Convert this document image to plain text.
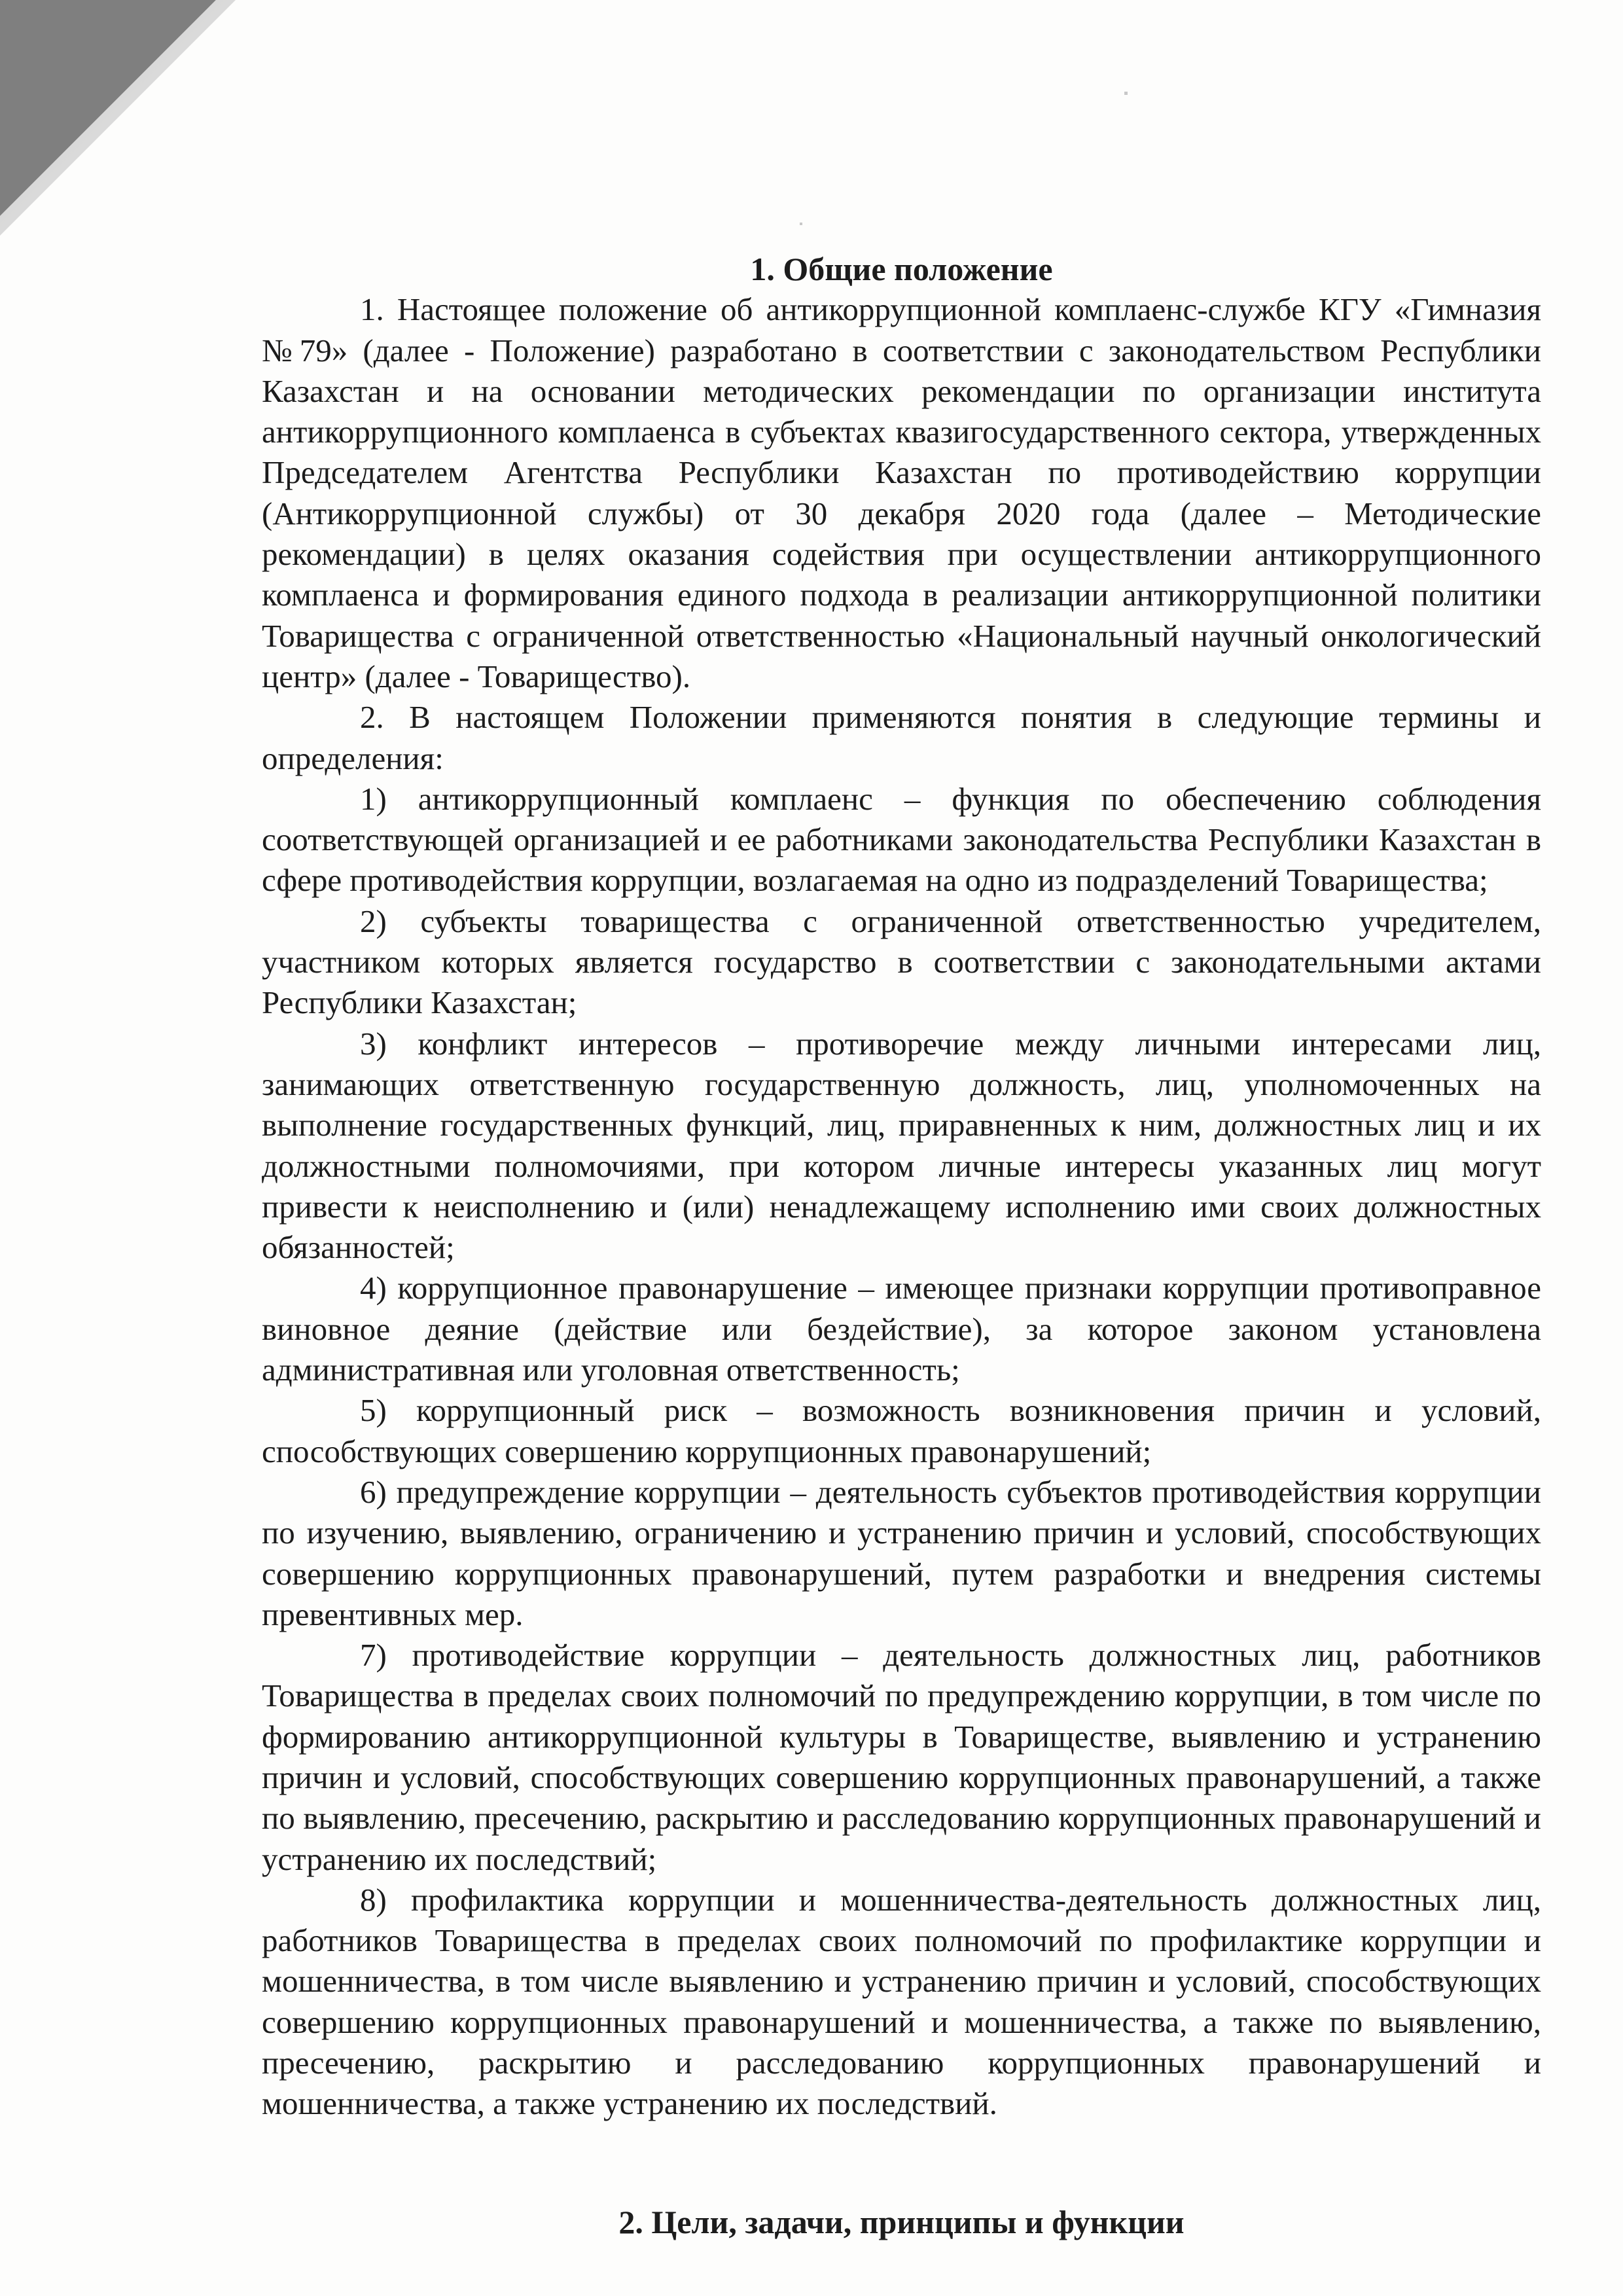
1. Общие положение

1. Настоящее положение об антикоррупционной комплаенс-службе КГУ «Гимназия №79» (далее - Положение) разработано в соответствии с законодательством Республики Казахстан и на основании методических рекомендации по организации института антикоррупционного комплаенса в субъектах квазигосударственного сектора, утвержденных Председателем Агентства Республики Казахстан по противодействию коррупции (Антикоррупционной службы) от 30 декабря 2020 года (далее – Методические рекомендации) в целях оказания содействия при осуществлении антикоррупционного комплаенса и формирования единого подхода в реализации антикоррупционной политики Товарищества с ограниченной ответственностью «Национальный научный онкологический центр» (далее - Товарищество).

2. В настоящем Положении применяются понятия в следующие термины и определения:

1) антикоррупционный комплаенс – функция по обеспечению соблюдения соответствующей организацией и ее работниками законодательства Республики Казахстан в сфере противодействия коррупции, возлагаемая на одно из подразделений Товарищества;

2) субъекты товарищества с ограниченной ответственностью учредителем, участником которых является государство в соответствии с законодательными актами Республики Казахстан;

3) конфликт интересов – противоречие между личными интересами лиц, занимающих ответственную государственную должность, лиц, уполномоченных на выполнение государственных функций, лиц, приравненных к ним, должностных лиц и их должностными полномочиями, при котором личные интересы указанных лиц могут привести к неисполнению и (или) ненадлежащему исполнению ими своих должностных обязанностей;

4) коррупционное правонарушение – имеющее признаки коррупции противоправное виновное деяние (действие или бездействие), за которое законом установлена административная или уголовная ответственность;

5) коррупционный риск – возможность возникновения причин и условий, способствующих совершению коррупционных правонарушений;

6) предупреждение коррупции – деятельность субъектов противодействия коррупции по изучению, выявлению, ограничению и устранению причин и условий, способствующих совершению коррупционных правонарушений, путем разработки и внедрения системы превентивных мер.

7) противодействие коррупции – деятельность должностных лиц, работников Товарищества в пределах своих полномочий по предупреждению коррупции, в том числе по формированию антикоррупционной культуры в Товариществе, выявлению и устранению причин и условий, способствующих совершению коррупционных правонарушений, а также по выявлению, пресечению, раскрытию и расследованию коррупционных правонарушений и устранению их последствий;

8) профилактика коррупции и мошенничества-деятельность должностных лиц, работников Товарищества в пределах своих полномочий по профилактике коррупции и мошенничества, в том числе выявлению и устранению причин и условий, способствующих совершению коррупционных правонарушений и мошенничества, а также по выявлению, пресечению, раскрытию и расследованию коррупционных правонарушений и мошенничества, а также устранению их последствий.

2. Цели, задачи, принципы и функции
